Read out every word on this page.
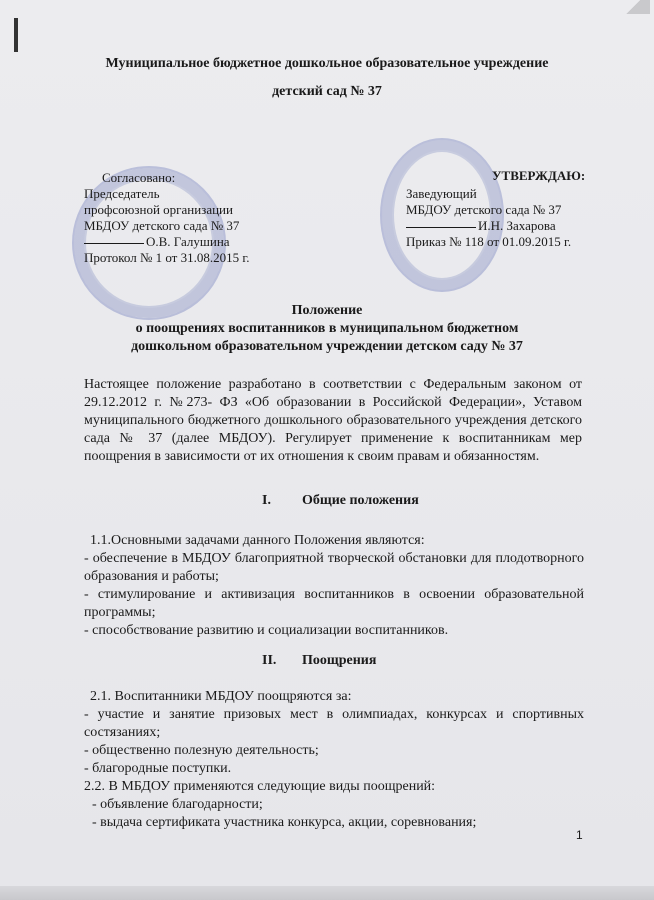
Муниципальное бюджетное дошкольное образовательное учреждение
детский сад № 37
Согласовано:
Председатель
профсоюзной организации
МБДОУ детского сада № 37
О.В. Галушина
Протокол № 1 от 31.08.2015 г.
УТВЕРЖДАЮ:
Заведующий
МБДОУ детского сада № 37
И.Н. Захарова
Приказ № 118 от 01.09.2015 г.
Положение
о поощрениях воспитанников в муниципальном бюджетном
дошкольном образовательном учреждении детском саду № 37
Настоящее положение разработано в соответствии с Федеральным законом от 29.12.2012 г. №273- ФЗ «Об образовании в Российской Федерации», Уставом муниципального бюджетного дошкольного образовательного учреждения детского сада № 37 (далее МБДОУ). Регулирует применение к воспитанникам мер поощрения в зависимости от их отношения к своим правам и обязанностям.
I. Общие положения
1.1.Основными задачами данного Положения являются:
- обеспечение в МБДОУ благоприятной творческой обстановки для плодотворного образования и работы;
- стимулирование и активизация воспитанников в освоении образовательной программы;
- способствование развитию и социализации воспитанников.
II. Поощрения
2.1. Воспитанники МБДОУ поощряются за:
- участие и занятие призовых мест в олимпиадах, конкурсах и спортивных состязаниях;
- общественно полезную деятельность;
- благородные поступки.
2.2. В МБДОУ применяются следующие виды поощрений:
- объявление благодарности;
- выдача сертификата участника конкурса, акции, соревнования;
1
